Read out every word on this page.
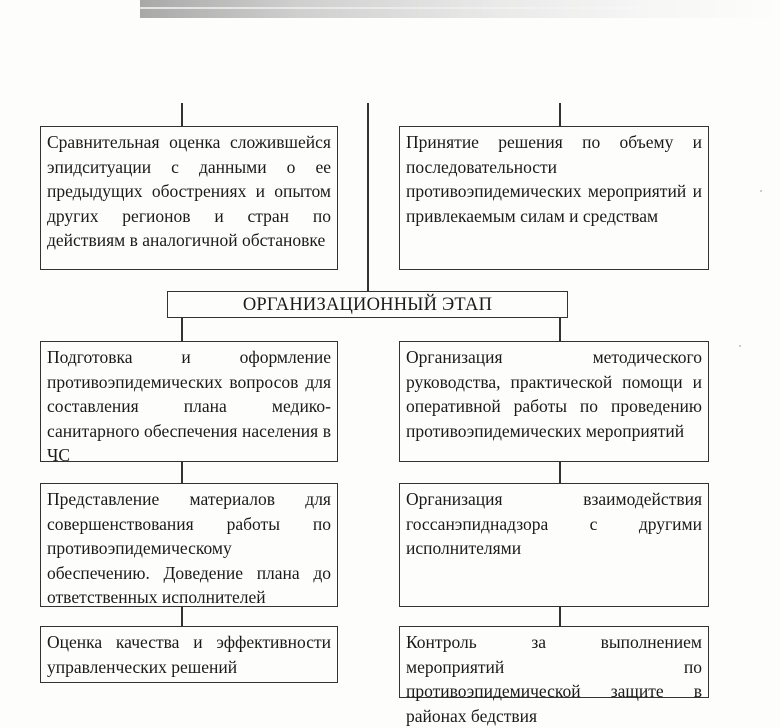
Сравнительная оценка сложившейся эпидситуации с данными о ее предыдущих обострениях и опытом других регионов и стран по действиям в аналогичной обстановке
Принятие решения по объему и последовательности противоэпидемических мероприятий и привлекаемым силам и средствам
ОРГАНИЗАЦИОННЫЙ ЭТАП
Подготовка и оформление противоэпидемических вопросов для составления плана медико-санитарного обеспечения населения в ЧС
Организация методического руководства, практической помощи и оперативной работы по проведению противоэпидемических мероприятий
Представление материалов для совершенствования работы по противоэпидемическому обеспечению. Доведение плана до ответственных исполнителей
Организация взаимодействия госсанэпиднадзора с другими исполнителями
Оценка качества и эффективности управленческих решений
Контроль за выполнением мероприятий по противоэпидемической защите в районах бедствия
